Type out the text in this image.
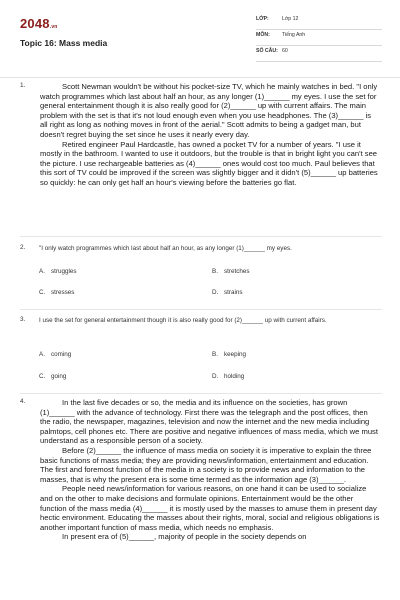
2048.vn
Topic 16: Mass media
LỚP:	Lớp 12
MÔN:	Tiếng Anh
SỐ CÂU: 60
1.	Scott Newman wouldn't be without his pocket-size TV, which he mainly watches in bed. "I only watch programmes which last about half an hour, as any longer (1)______ my eyes. I use the set for general entertainment though it is also really good for (2)______ up with current affairs. The main problem with the set is that it's not loud enough even when you use headphones. The (3)______ is all right as long as nothing moves in front of the aerial." Scott admits to being a gadget man, but doesn't regret buying the set since he uses it nearly every day.

Retired engineer Paul Hardcastle, has owned a pocket TV for a number of years. "I use it mostly in the bathroom. I wanted to use it outdoors, but the trouble is that in bright light you can't see the picture. I use rechargeable batteries as (4)______ ones would cost too much. Paul believes that this sort of TV could be improved if the screen was slightly bigger and it didn't (5)______ up batteries so quickly: he can only get half an hour's viewing before the batteries go flat.

2. "I only watch programmes which last about half an hour, as any longer (1)______ my eyes.
A. struggles	B. stretches
C. stresses	D. strains
3. I use the set for general entertainment though it is also really good for (2)______ up with current affairs.
A. coming	B. keeping
C. going	D. holding
4.	In the last five decades or so, the media and its influence on the societies, has grown (1)______ with the advance of technology. First there was the telegraph and the post offices, then the radio, the newspaper, magazines, television and now the internet and the new media including palmtops, cell phones etc. There are positive and negative influences of mass media, which we must understand as a responsible person of a society.

Before (2)______ the influence of mass media on society it is imperative to explain the three basic functions of mass media; they are providing news/information, entertainment and education. The first and foremost function of the media in a society is to provide news and information to the masses, that is why the present era is some time termed as the information age (3)______.

People need news/information for various reasons, on one hand it can be used to socialize and on the other to make decisions and formulate opinions. Entertainment would be the other function of the mass media (4)______ it is mostly used by the masses to amuse them in present day hectic environment. Educating the masses about their rights, moral, social and religious obligations is another important function of mass media, which needs no emphasis.

In present era of (5)______, majority of people in the society depends on
